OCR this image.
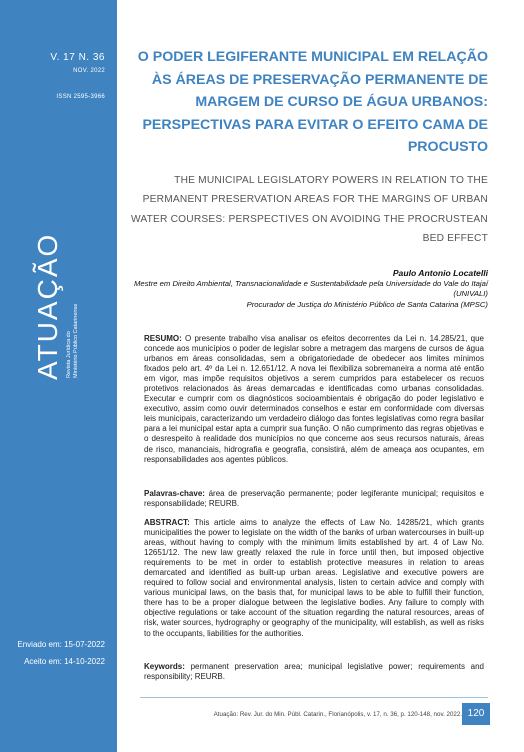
V. 17 N. 36
NOV. 2022
ISSN 2595-3966
ATUAÇÃO Revista Jurídica do Ministério Público Catarinense
Enviado em: 15-07-2022
Aceito em: 14-10-2022
O PODER LEGIFERANTE MUNICIPAL EM RELAÇÃO ÀS ÁREAS DE PRESERVAÇÃO PERMANENTE DE MARGEM DE CURSO DE ÁGUA URBANOS: PERSPECTIVAS PARA EVITAR O EFEITO CAMA DE PROCUSTO

THE MUNICIPAL LEGISLATORY POWERS IN RELATION TO THE PERMANENT PRESERVATION AREAS FOR THE MARGINS OF URBAN WATER COURSES: PERSPECTIVES ON AVOIDING THE PROCRUSTEAN BED EFFECT

Paulo Antonio Locatelli
Mestre em Direito Ambiental, Transnacionalidade e Sustentabilidade pela Universidade do Vale do Itajaí (UNIVALI)
Procurador de Justiça do Ministério Público de Santa Catarina (MPSC)

RESUMO: O presente trabalho visa analisar os efeitos decorrentes da Lei n. 14.285/21, que concede aos municípios o poder de legislar sobre a metragem das margens de cursos de água urbanos em áreas consolidadas, sem a obrigatoriedade de obedecer aos limites mínimos fixados pelo art. 4º da Lei n. 12.651/12. A nova lei flexibiliza sobremaneira a norma até então em vigor, mas impõe requisitos objetivos a serem cumpridos para estabelecer os recuos protetivos relacionados às áreas demarcadas e identificadas como urbanas consolidadas. Executar e cumprir com os diagnósticos socioambientais é obrigação do poder legislativo e executivo, assim como ouvir determinados conselhos e estar em conformidade com diversas leis municipais, caracterizando um verdadeiro diálogo das fontes legislativas como regra basilar para a lei municipal estar apta a cumprir sua função. O não cumprimento das regras objetivas e o desrespeito à realidade dos municípios no que concerne aos seus recursos naturais, áreas de risco, mananciais, hidrografia e geografia, consistirá, além de ameaça aos ocupantes, em responsabilidades aos agentes públicos.

Palavras-chave: área de preservação permanente; poder legiferante municipal; requisitos e responsabilidade; REURB.

ABSTRACT: This article aims to analyze the effects of Law No. 14285/21, which grants municipalities the power to legislate on the width of the banks of urban watercourses in built-up areas, without having to comply with the minimum limits established by art. 4 of Law No. 12651/12. The new law greatly relaxed the rule in force until then, but imposed objective requirements to be met in order to establish protective measures in relation to areas demarcated and identified as built-up urban areas. Legislative and executive powers are required to follow social and environmental analysis, listen to certain advice and comply with various municipal laws, on the basis that, for municipal laws to be able to fulfill their function, there has to be a proper dialogue between the legislative bodies. Any failure to comply with objective regulations or take account of the situation regarding the natural resources, areas of risk, water sources, hydrography or geography of the municipality, will establish, as well as risks to the occupants, liabilities for the authorities.

Keywords: permanent preservation area; municipal legislative power; requirements and responsibility; REURB.

Atuação: Rev. Jur. do Min. Públ. Catarin., Florianópolis, v. 17, n. 36, p. 120-148, nov. 2022. 120
